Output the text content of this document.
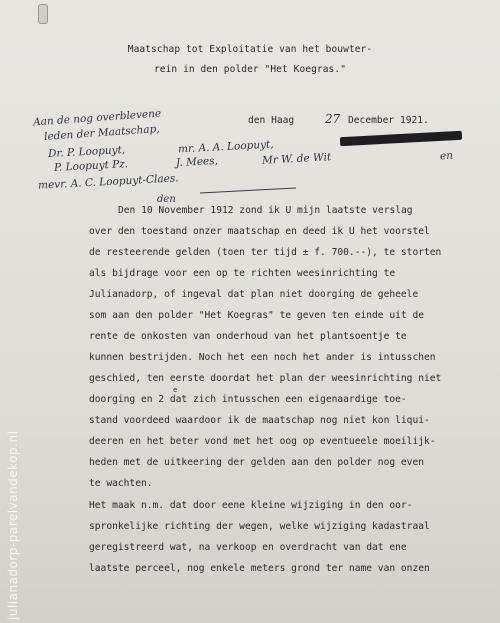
julianadorp-parelvandekop.nl
Maatschap tot Exploitatie van het bouwter-
rein in den polder "Het Koegras."
Aan de nog overblevene
leden der Maatschap,
Dr. P. Loopuyt,	mr. A. A. Loopuyt,
P. Loopuyt Pz.	J. Mees,	Mr W. de Wit	en
mevr. A. C. Loopuyt-Claes.
den Haag	27 December 1921.
den
Den 10 November 1912 zond ik U mijn laatste verslag
over den toestand onzer maatschap en deed ik U het voorstel
de resteerende gelden (toen ter tijd ± f. 700.--), te storten
als bijdrage voor een op te richten weesinrichting te
Julianadorp, of ingeval dat plan niet doorging de geheele
som aan den polder "Het Koegras" te geven ten einde uit de
rente de onkosten van onderhoud van het plantsoentje te
kunnen bestrijden. Noch het een noch het ander is intusschen
geschied, ten eerste doordat het plan der weesinrichting niet
doorging en 2 dat zich intusschen een eigenaardige toe-
e
stand voordeed waardoor ik de maatschap nog niet kon liqui-
deeren en het beter vond met het oog op eventueele moeilijk-
heden met de uitkeering der gelden aan den polder nog even
te wachten.
Het maak n.m. dat door eene kleine wijziging in den oor-
spronkelijke richting der wegen, welke wijziging kadastraal
geregistreerd wat, na verkoop en overdracht van dat ene
laatste perceel, nog enkele meters grond ter name van onzen
